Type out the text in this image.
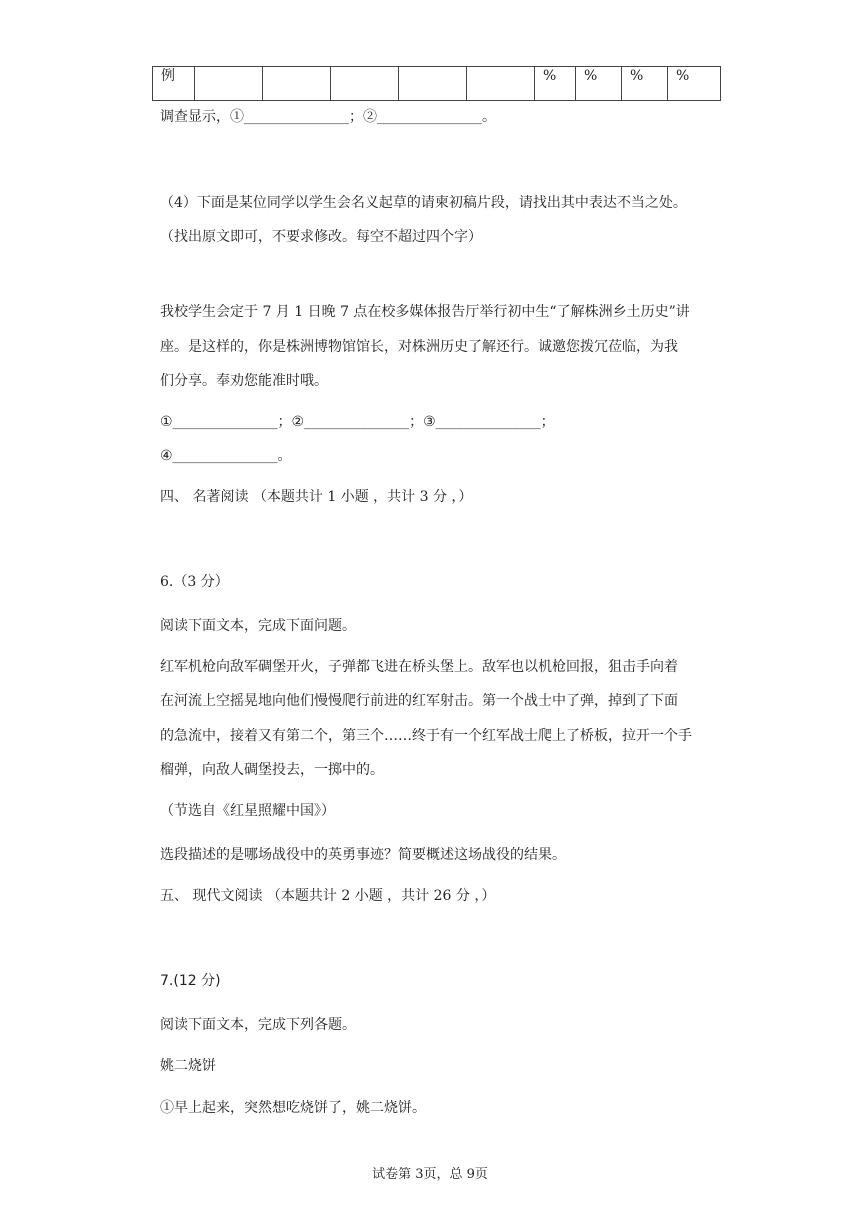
例						%	%	%	%
调查显示，①_______________；②_______________。
（4）下面是某位同学以学生会名义起草的请柬初稿片段，请找出其中表达不当之处。
（找出原文即可，不要求修改。每空不超过四个字）
我校学生会定于 7 月 1 日晚 7 点在校多媒体报告厅举行初中生“了解株洲乡土历史”讲
座。是这样的，你是株洲博物馆馆长，对株洲历史了解还行。诚邀您拨冗莅临，为我
们分享。奉劝您能准时哦。
①_______________；②_______________；③_______________；
④_______________。
四、 名著阅读 （本题共计 1 小题 ，共计 3 分 ，）
6.（3 分）
阅读下面文本，完成下面问题。
红军机枪向敌军碉堡开火，子弹都飞进在桥头堡上。敌军也以机枪回报，狙击手向着
在河流上空摇晃地向他们慢慢爬行前进的红军射击。第一个战士中了弹，掉到了下面
的急流中，接着又有第二个，第三个……终于有一个红军战士爬上了桥板，拉开一个手
榴弹，向敌人碉堡投去，一掷中的。
（节选自《红星照耀中国》）
选段描述的是哪场战役中的英勇事迹？简要概述这场战役的结果。
五、 现代文阅读 （本题共计 2 小题 ，共计 26 分 ，）
7.(12 分)
阅读下面文本，完成下列各题。
姚二烧饼
①早上起来，突然想吃烧饼了，姚二烧饼。
试卷第 3页，总 9页
